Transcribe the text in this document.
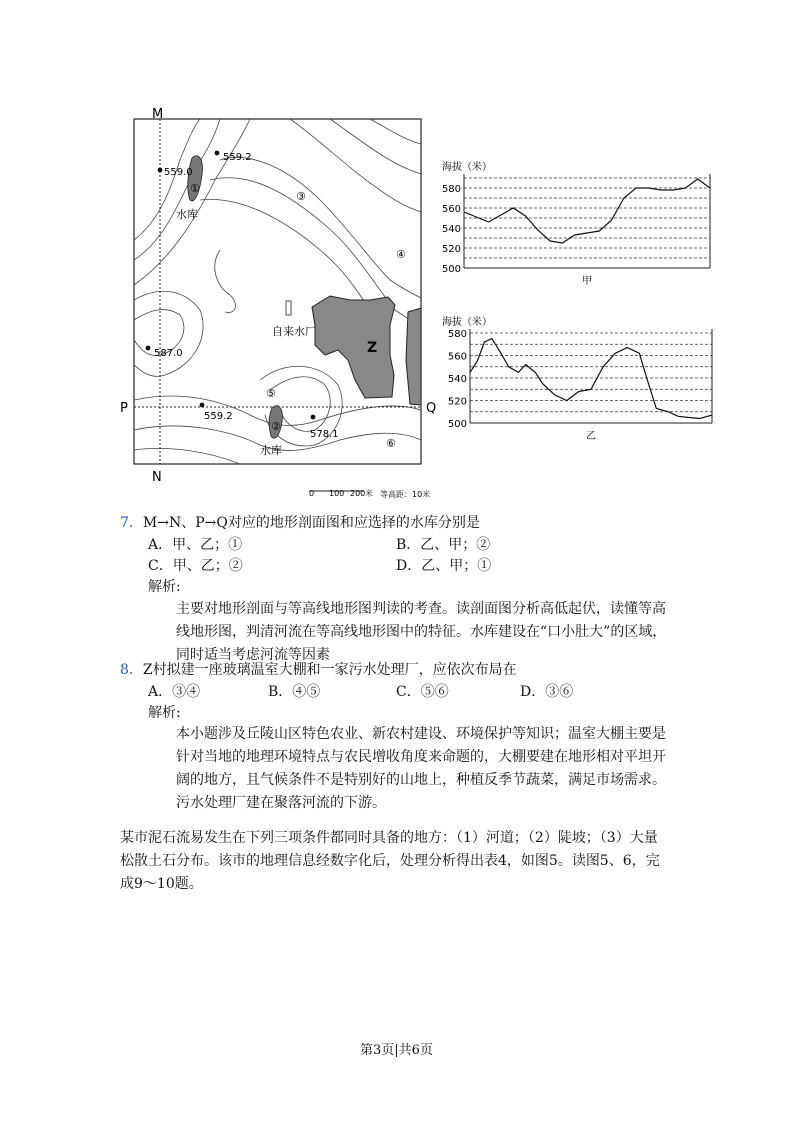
M
N
P	Q
559.0
559.2
587.0
559.2
578.1
①
②
③
④
⑤
⑥
水库
水库
自来水厂
Z
0 100 200 米 等高距：10米
海拔（米）
500
520
540
560
580
甲
海拔（米）
500
520
540
560
580
乙
7．M→N、P→Q对应的地形剖面图和应选择的水库分别是
A．甲、乙；①	B．乙、甲；②
C．甲、乙；②	D．乙、甲；①
解析:
主要对地形剖面与等高线地形图判读的考查。读剖面图分析高低起伏，读懂等高线地形图，判清河流在等高线地形图中的特征。水库建设在“口小肚大”的区域，同时适当考虑河流等因素
8．Z村拟建一座玻璃温室大棚和一家污水处理厂，应依次布局在
A．③④	B．④⑤	C．⑤⑥	D．③⑥
解析:
本小题涉及丘陵山区特色农业、新农村建设、环境保护等知识；温室大棚主要是针对当地的地理环境特点与农民增收角度来命题的，大棚要建在地形相对平坦开阔的地方，且气候条件不是特别好的山地上，种植反季节蔬菜，满足市场需求。污水处理厂建在聚落河流的下游。
某市泥石流易发生在下列三项条件都同时具备的地方：（1）河道；（2）陡坡；（3）大量松散土石分布。该市的地理信息经数字化后，处理分析得出表4，如图5。读图5、6，完成9～10题。
第3页|共6页
